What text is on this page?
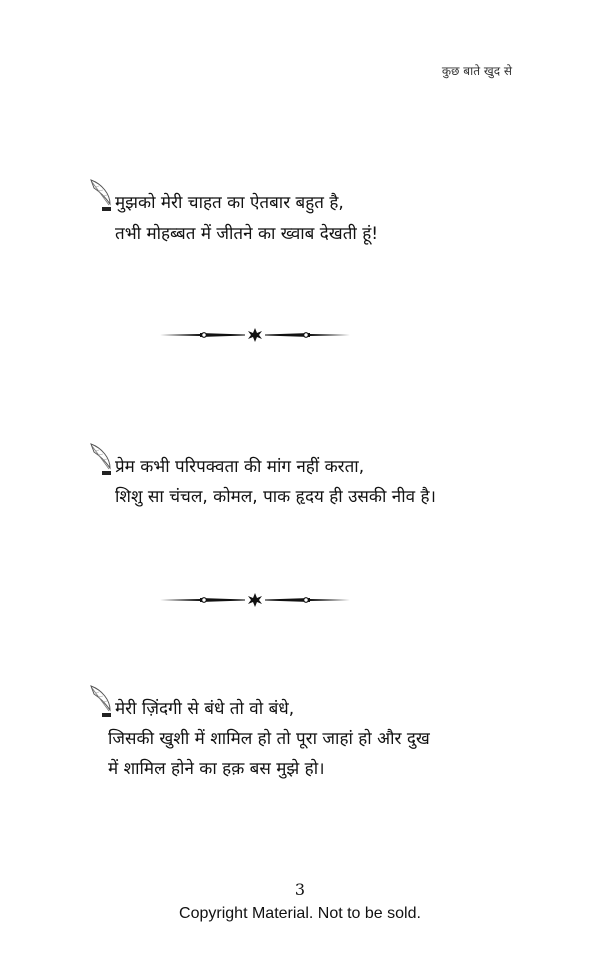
कुछ बाते खुद से
मुझको मेरी चाहत का ऐतबार बहुत है,
तभी मोहब्बत में जीतने का ख्वाब देखती हूं!
प्रेम कभी परिपक्वता की मांग नहीं करता,
शिशु सा चंचल, कोमल, पाक हृदय ही उसकी नीव है।
मेरी ज़िंदगी से बंधे तो वो बंधे,
जिसकी खुशी में शामिल हो तो पूरा जाहां हो और दुख
में शामिल होने का हक़ बस मुझे हो।
3
Copyright Material. Not to be sold.
